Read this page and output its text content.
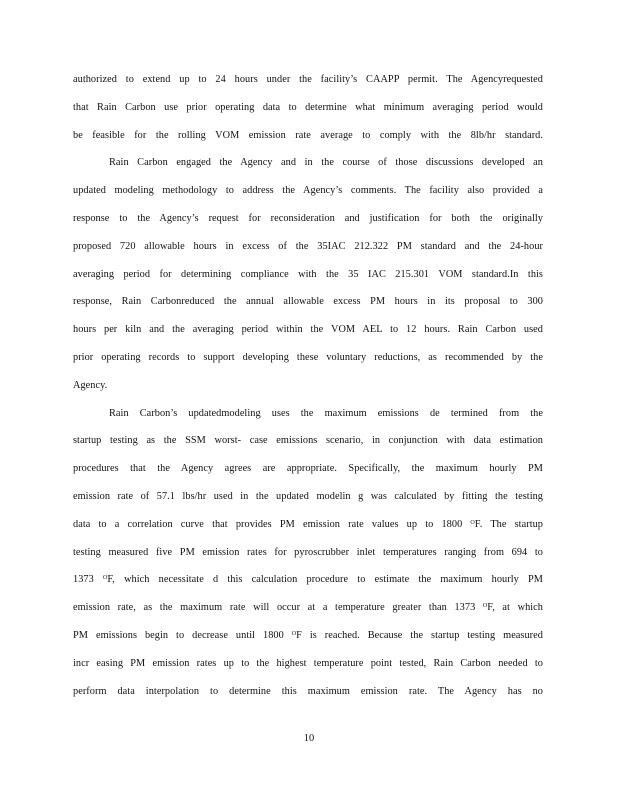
authorized to extend up to 24 hours under the facility’s CAAPP permit. The Agencyrequested
that Rain Carbon use prior operating data to determine what minimum averaging period would
be feasible for the rolling VOM emission rate average to comply with the 8lb/hr standard.
Rain Carbon engaged the Agency and in the course of those discussions developed an
updated modeling methodology to address the Agency’s comments. The facility also provided a
response to the Agency’s request for reconsideration and justification for both the originally
proposed 720 allowable hours in excess of the 35IAC 212.322 PM standard and the 24-hour
averaging period for determining compliance with the 35 IAC 215.301 VOM standard.In this
response, Rain Carbonreduced the annual allowable excess PM hours in its proposal to 300
hours per kiln and the averaging period within the VOM AEL to 12 hours. Rain Carbon used
prior operating records to support developing these voluntary reductions, as recommended by the
Agency.
Rain Carbon’s updatedmodeling uses the maximum emissions de termined from the
startup testing as the SSM worst- case emissions scenario, in conjunction with data estimation
procedures that the Agency agrees are appropriate. Specifically, the maximum hourly PM
emission rate of 57.1 lbs/hr used in the updated modelin g was calculated by fitting the testing
data to a correlation curve that provides PM emission rate values up to 1800 ᴼF. The startup
testing measured five PM emission rates for pyroscrubber inlet temperatures ranging from 694 to
1373 ᴼF, which necessitate d this calculation procedure to estimate the maximum hourly PM
emission rate, as the maximum rate will occur at a temperature greater than 1373 ᴼF, at which
PM emissions begin to decrease until 1800 ᴼF is reached. Because the startup testing measured
incr easing PM emission rates up to the highest temperature point tested, Rain Carbon needed to
perform data interpolation to determine this maximum emission rate. The Agency has no
10
